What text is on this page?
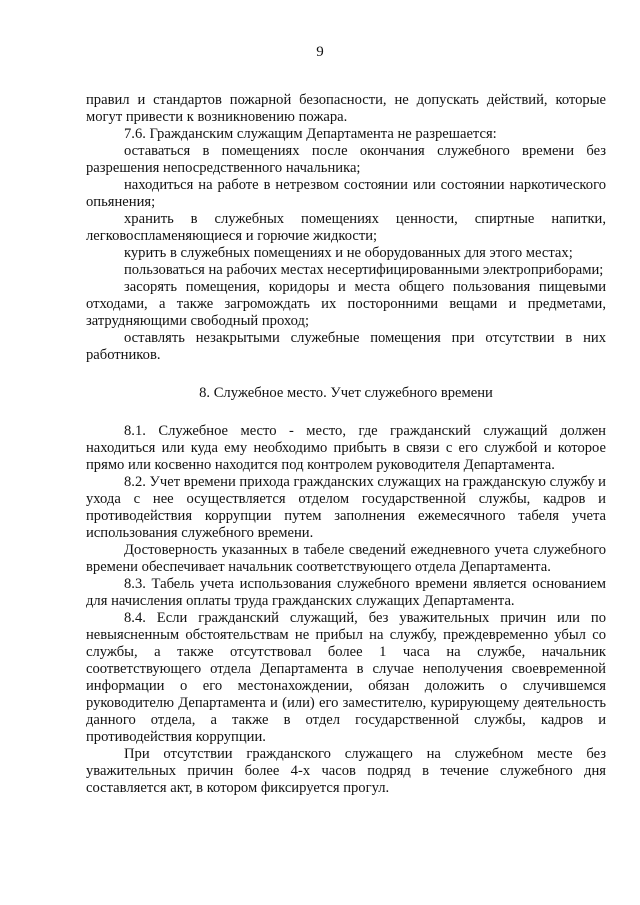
9

правил и стандартов пожарной безопасности, не допускать действий, которые могут привести к возникновению пожара.

7.6. Гражданским служащим Департамента не разрешается:

оставаться в помещениях после окончания служебного времени без разрешения непосредственного начальника;

находиться на работе в нетрезвом состоянии или состоянии наркотического опьянения;

хранить в служебных помещениях ценности, спиртные напитки, легковоспламеняющиеся и горючие жидкости;

курить в служебных помещениях и не оборудованных для этого местах;

пользоваться на рабочих местах несертифицированными электроприборами;

засорять помещения, коридоры и места общего пользования пищевыми отходами, а также загромождать их посторонними вещами и предметами, затрудняющими свободный проход;

оставлять незакрытыми служебные помещения при отсутствии в них работников.

8. Служебное место. Учет служебного времени

8.1. Служебное место - место, где гражданский служащий должен находиться или куда ему необходимо прибыть в связи с его службой и которое прямо или косвенно находится под контролем руководителя Департамента.

8.2. Учет времени прихода гражданских служащих на гражданскую службу и ухода с нее осуществляется отделом государственной службы, кадров и противодействия коррупции путем заполнения ежемесячного табеля учета использования служебного времени.

Достоверность указанных в табеле сведений ежедневного учета служебного времени обеспечивает начальник соответствующего отдела Департамента.

8.3. Табель учета использования служебного времени является основанием для начисления оплаты труда гражданских служащих Департамента.

8.4. Если гражданский служащий, без уважительных причин или по невыясненным обстоятельствам не прибыл на службу, преждевременно убыл со службы, а также отсутствовал более 1 часа на службе, начальник соответствующего отдела Департамента в случае неполучения своевременной информации о его местонахождении, обязан доложить о случившемся руководителю Департамента и (или) его заместителю, курирующему деятельность данного отдела, а также в отдел государственной службы, кадров и противодействия коррупции.

При отсутствии гражданского служащего на служебном месте без уважительных причин более 4-х часов подряд в течение служебного дня составляется акт, в котором фиксируется прогул.
